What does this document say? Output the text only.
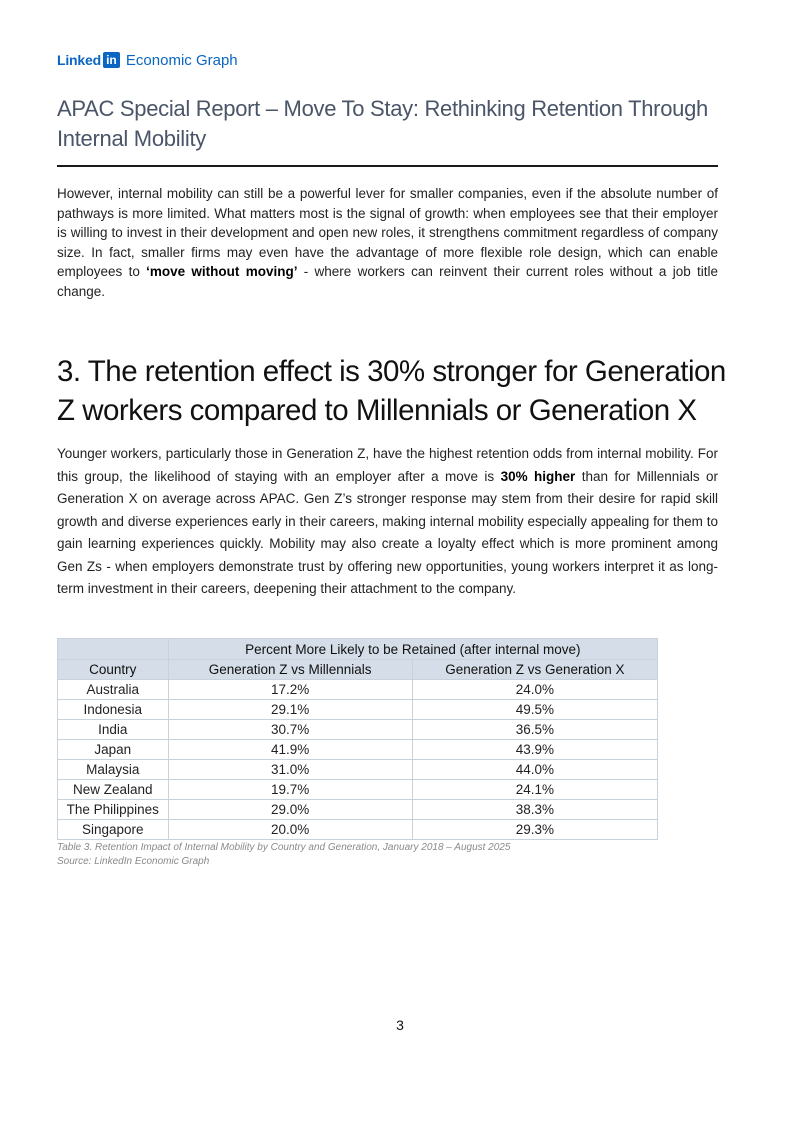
Linked in Economic Graph
APAC Special Report – Move To Stay: Rethinking Retention Through Internal Mobility

However, internal mobility can still be a powerful lever for smaller companies, even if the absolute number of pathways is more limited. What matters most is the signal of growth: when employees see that their employer is willing to invest in their development and open new roles, it strengthens commitment regardless of company size. In fact, smaller firms may even have the advantage of more flexible role design, which can enable employees to ‘move without moving’ - where workers can reinvent their current roles without a job title change.

3. The retention effect is 30% stronger for Generation Z workers compared to Millennials or Generation X

Younger workers, particularly those in Generation Z, have the highest retention odds from internal mobility. For this group, the likelihood of staying with an employer after a move is 30% higher than for Millennials or Generation X on average across APAC. Gen Z’s stronger response may stem from their desire for rapid skill growth and diverse experiences early in their careers, making internal mobility especially appealing for them to gain learning experiences quickly. Mobility may also create a loyalty effect which is more prominent among Gen Zs - when employers demonstrate trust by offering new opportunities, young workers interpret it as long-term investment in their careers, deepening their attachment to the company.

	Percent More Likely to be Retained (after internal move)	
Country	Generation Z vs Millennials	Generation Z vs Generation X
Australia	17.2%	24.0%
Indonesia	29.1%	49.5%
India	30.7%	36.5%
Japan	41.9%	43.9%
Malaysia	31.0%	44.0%
New Zealand	19.7%	24.1%
The Philippines	29.0%	38.3%
Singapore	20.0%	29.3%
Table 3. Retention Impact of Internal Mobility by Country and Generation, January 2018 – August 2025
Source: LinkedIn Economic Graph
3
